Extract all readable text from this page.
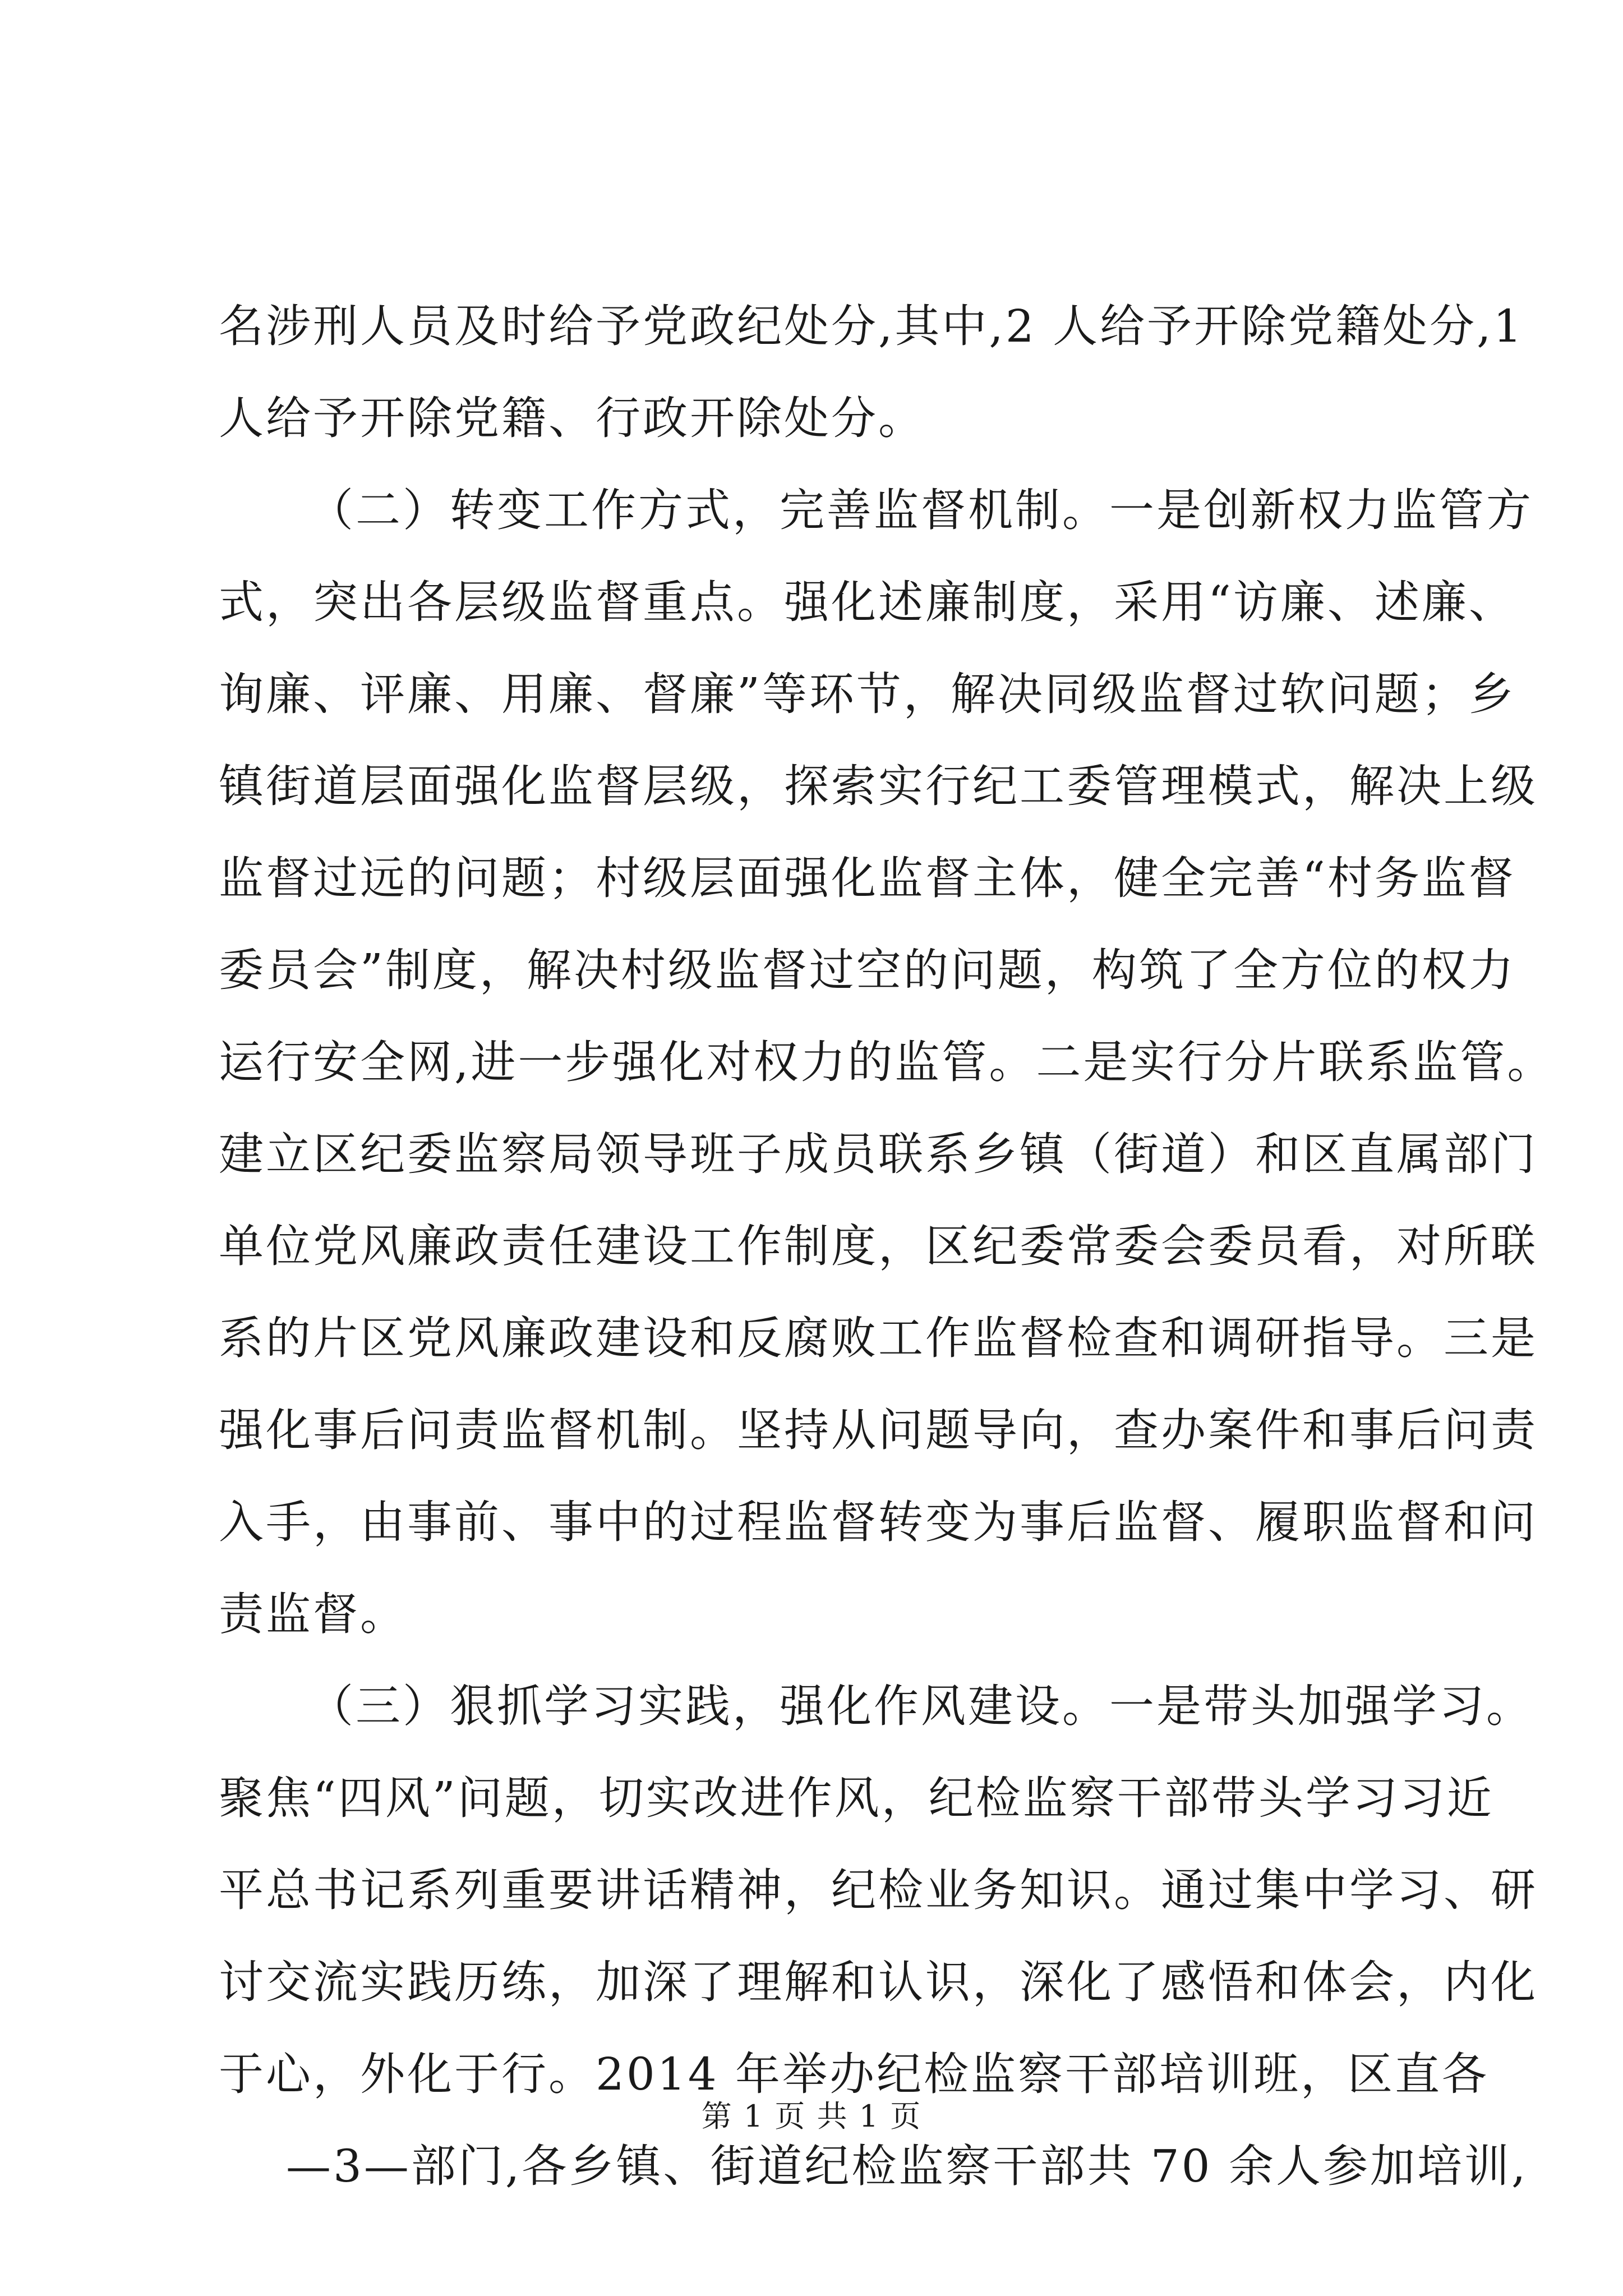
名涉刑人员及时给予党政纪处分,其中,2 人给予开除党籍处分,1
人给予开除党籍、行政开除处分。
（二）转变工作方式，完善监督机制。一是创新权力监管方
式，突出各层级监督重点。强化述廉制度，采用“访廉、述廉、
询廉、评廉、用廉、督廉”等环节，解决同级监督过软问题；乡
镇街道层面强化监督层级，探索实行纪工委管理模式，解决上级
监督过远的问题；村级层面强化监督主体，健全完善“村务监督
委员会”制度，解决村级监督过空的问题，构筑了全方位的权力
运行安全网,进一步强化对权力的监管。二是实行分片联系监管。
建立区纪委监察局领导班子成员联系乡镇（街道）和区直属部门
单位党风廉政责任建设工作制度，区纪委常委会委员看，对所联
系的片区党风廉政建设和反腐败工作监督检查和调研指导。三是
强化事后问责监督机制。坚持从问题导向，查办案件和事后问责
入手，由事前、事中的过程监督转变为事后监督、履职监督和问
责监督。
（三）狠抓学习实践，强化作风建设。一是带头加强学习。
聚焦“四风”问题，切实改进作风，纪检监察干部带头学习习近
平总书记系列重要讲话精神，纪检业务知识。通过集中学习、研
讨交流实践历练，加深了理解和认识，深化了感悟和体会，内化
于心，外化于行。2014 年举办纪检监察干部培训班，区直各
—3—部门,各乡镇、街道纪检监察干部共 70 余人参加培训,
第 1 页 共 1 页
